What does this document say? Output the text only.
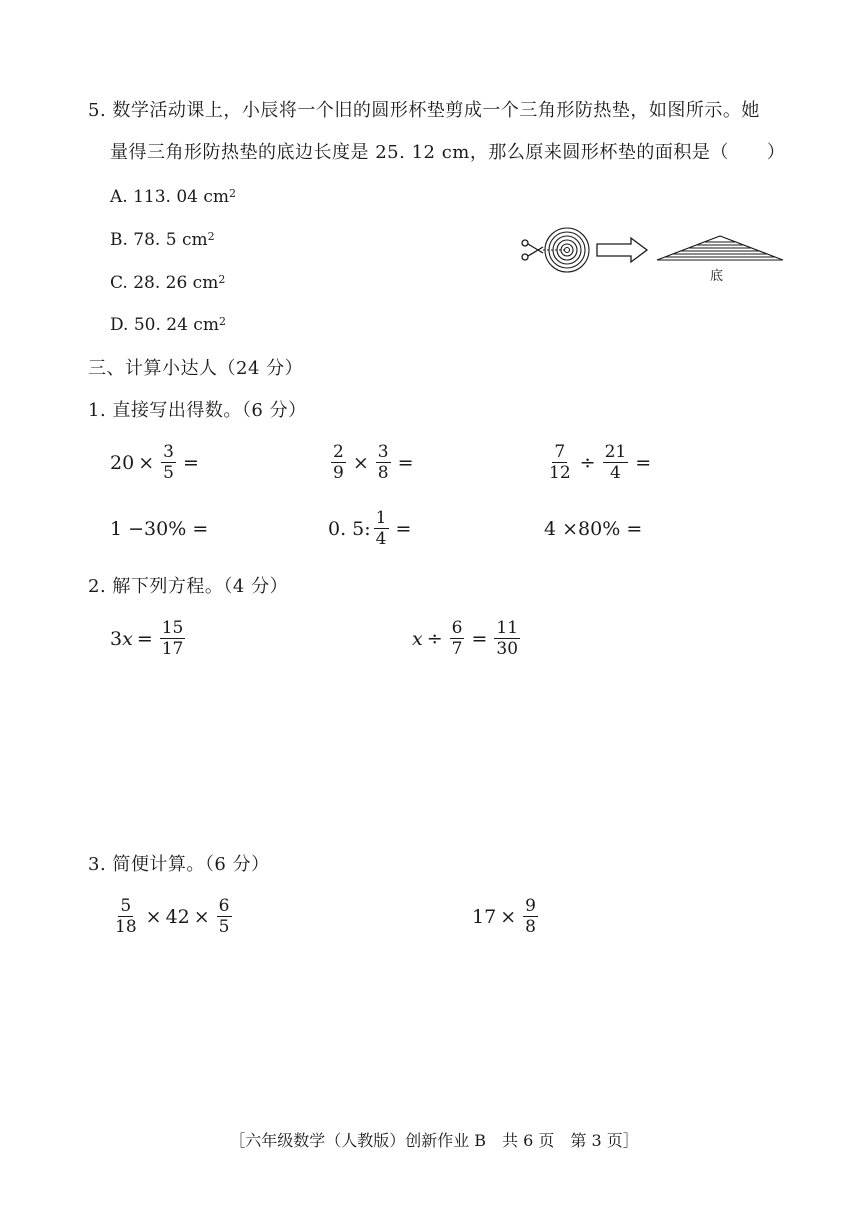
5. 数学活动课上，小辰将一个旧的圆形杯垫剪成一个三角形防热垫，如图所示。她
量得三角形防热垫的底边长度是 25. 12 cm，那么原来圆形杯垫的面积是（ ）
A. 113. 04 $cm^2$
B. 78. 5 $cm^2$
C. 28. 26 $cm^2$
D. 50. 24 $cm^2$
底
三、计算小达人（24 分）
1. 直接写出得数。（6 分）
$20 \times \frac{3}{5}$ =	$\frac{2}{9} \times \frac{3}{8}$ =	$\frac{7}{12} \div \frac{21}{4}$ =
1 −30% =	0. 5: $\frac{1}{4}$ =	4 ×80% =
2. 解下列方程。（4 分）
3 $x = \frac{15}{17}$	$x \div \frac{6}{7} = \frac{11}{30}$
3. 简便计算。（6 分）
$\frac{5}{18} \times 42 \times \frac{6}{5}$	$17 \times \frac{9}{8}$
［六年级数学（人教版）创新作业 B　共 6 页　第 3 页］
